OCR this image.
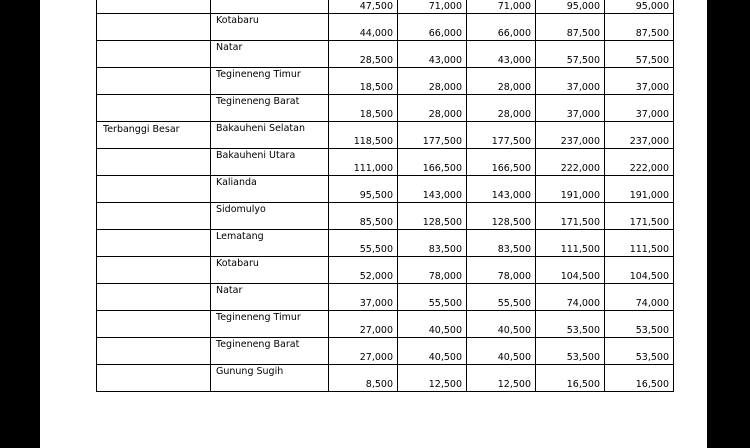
		47,500	71,000	71,000	95,000	95,000
	Kotabaru	44,000	66,000	66,000	87,500	87,500
	Natar	28,500	43,000	43,000	57,500	57,500
	Tegineneng Timur	18,500	28,000	28,000	37,000	37,000
	Tegineneng Barat	18,500	28,000	28,000	37,000	37,000
Terbanggi Besar	Bakauheni Selatan	118,500	177,500	177,500	237,000	237,000
	Bakauheni Utara	111,000	166,500	166,500	222,000	222,000
	Kalianda	95,500	143,000	143,000	191,000	191,000
	Sidomulyo	85,500	128,500	128,500	171,500	171,500
	Lematang	55,500	83,500	83,500	111,500	111,500
	Kotabaru	52,000	78,000	78,000	104,500	104,500
	Natar	37,000	55,500	55,500	74,000	74,000
	Tegineneng Timur	27,000	40,500	40,500	53,500	53,500
	Tegineneng Barat	27,000	40,500	40,500	53,500	53,500
	Gunung Sugih	8,500	12,500	12,500	16,500	16,500
